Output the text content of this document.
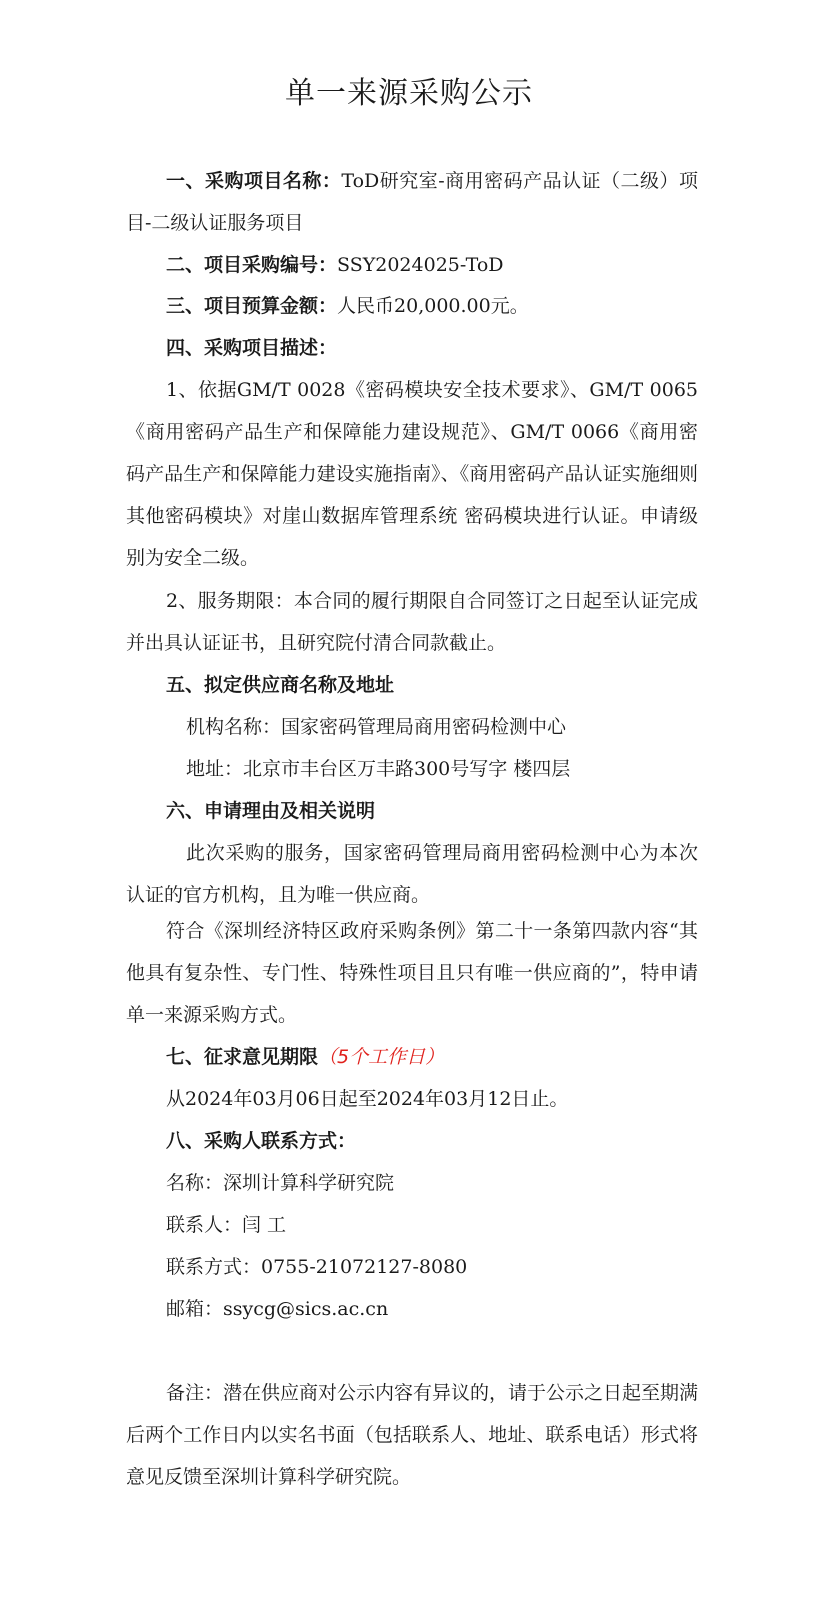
单一来源采购公示
一、采购项目名称：ToD研究室-商用密码产品认证（二级）项目-二级认证服务项目
二、项目采购编号：SSY2024025-ToD
三、项目预算金额：人民币20,000.00元。
四、采购项目描述：
1、依据GM/T 0028《密码模块安全技术要求》、GM/T 0065《商用密码产品生产和保障能力建设规范》、GM/T 0066《商用密码产品生产和保障能力建设实施指南》、《商用密码产品认证实施细则其他密码模块》对崖山数据库管理系统 密码模块进行认证。申请级别为安全二级。
2、服务期限：本合同的履行期限自合同签订之日起至认证完成并出具认证证书，且研究院付清合同款截止。
五、拟定供应商名称及地址
机构名称：国家密码管理局商用密码检测中心
地址：北京市丰台区万丰路300号写字 楼四层
六、申请理由及相关说明
此次采购的服务，国家密码管理局商用密码检测中心为本次认证的官方机构，且为唯一供应商。
符合《深圳经济特区政府采购条例》第二十一条第四款内容“其他具有复杂性、专门性、特殊性项目且只有唯一供应商的”，特申请单一来源采购方式。
七、征求意见期限（5个工作日）
从2024年03月06日起至2024年03月12日止。
八、采购人联系方式：
名称：深圳计算科学研究院
联系人：闫 工
联系方式：0755-21072127-8080
邮箱：ssycg@sics.ac.cn
备注：潜在供应商对公示内容有异议的，请于公示之日起至期满后两个工作日内以实名书面（包括联系人、地址、联系电话）形式将意见反馈至深圳计算科学研究院。
